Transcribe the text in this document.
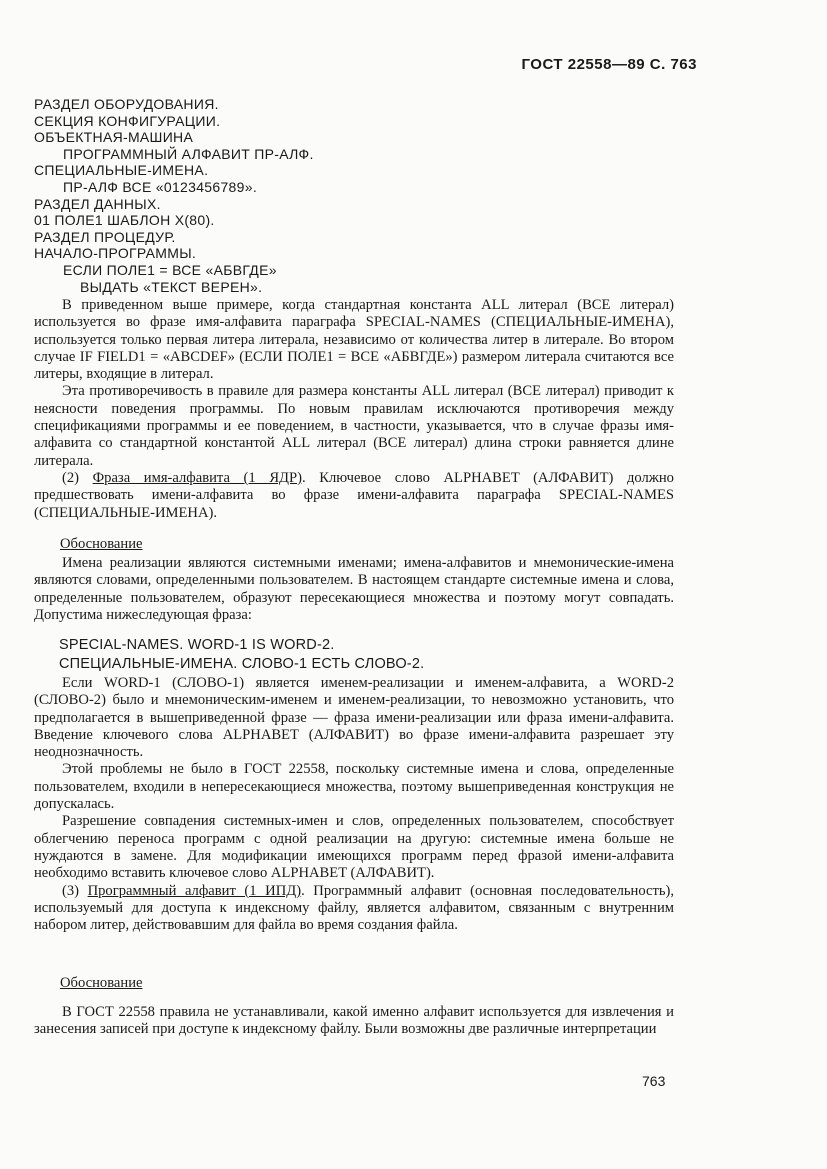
ГОСТ 22558—89 С. 763
РАЗДЕЛ ОБОРУДОВАНИЯ.
СЕКЦИЯ КОНФИГУРАЦИИ.
ОБЪЕКТНАЯ-МАШИНА
ПРОГРАММНЫЙ АЛФАВИТ ПР-АЛФ.
СПЕЦИАЛЬНЫЕ-ИМЕНА.
ПР-АЛФ ВСЕ «0123456789».
РАЗДЕЛ ДАННЫХ.
01 ПОЛЕ1 ШАБЛОН X(80).
РАЗДЕЛ ПРОЦЕДУР.
НАЧАЛО-ПРОГРАММЫ.
ЕСЛИ ПОЛЕ1 = ВСЕ «АБВГДЕ»
ВЫДАТЬ «ТЕКСТ ВЕРЕН».

В приведенном выше примере, когда стандартная константа ALL литерал (ВСЕ литерал) используется во фразе имя-алфавита параграфа SPECIAL-NAMES (СПЕЦИАЛЬНЫЕ-ИМЕНА), используется только первая литера литерала, независимо от количества литер в литерале. Во втором случае IF FIELD1 = «ABCDEF» (ЕСЛИ ПОЛЕ1 = ВСЕ «АБВГДЕ») размером литерала считаются все литеры, входящие в литерал.

Эта противоречивость в правиле для размера константы ALL литерал (ВСЕ литерал) приводит к неясности поведения программы. По новым правилам исключаются противоречия между спецификациями программы и ее поведением, в частности, указывается, что в случае фразы имя-алфавита со стандартной константой ALL литерал (ВСЕ литерал) длина строки равняется длине литерала.

(2) Фраза имя-алфавита (1 ЯДР). Ключевое слово ALPHABET (АЛФАВИТ) должно предшествовать имени-алфавита во фразе имени-алфавита параграфа SPECIAL-NAMES (СПЕЦИАЛЬНЫЕ-ИМЕНА).

Обоснование

Имена реализации являются системными именами; имена-алфавитов и мнемонические-имена являются словами, определенными пользователем. В настоящем стандарте системные имена и слова, определенные пользователем, образуют пересекающиеся множества и поэтому могут совпадать. Допустима нижеследующая фраза:

SPECIAL-NAMES. WORD-1 IS WORD-2.
СПЕЦИАЛЬНЫЕ-ИМЕНА. СЛОВО-1 ЕСТЬ СЛОВО-2.

Если WORD-1 (СЛОВО-1) является именем-реализации и именем-алфавита, а WORD-2 (СЛОВО-2) было и мнемоническим-именем и именем-реализации, то невозможно установить, что предполагается в вышеприведенной фразе — фраза имени-реализации или фраза имени-алфавита. Введение ключевого слова ALPHABET (АЛФАВИТ) во фразе имени-алфавита разрешает эту неоднозначность.

Этой проблемы не было в ГОСТ 22558, поскольку системные имена и слова, определенные пользователем, входили в непересекающиеся множества, поэтому вышеприведенная конструкция не допускалась.

Разрешение совпадения системных-имен и слов, определенных пользователем, способствует облегчению переноса программ с одной реализации на другую: системные имена больше не нуждаются в замене. Для модификации имеющихся программ перед фразой имени-алфавита необходимо вставить ключевое слово ALPHABET (АЛФАВИТ).

(3) Программный алфавит (1 ИПД). Программный алфавит (основная последовательность), используемый для доступа к индексному файлу, является алфавитом, связанным с внутренним набором литер, действовавшим для файла во время создания файла.

Обоснование

В ГОСТ 22558 правила не устанавливали, какой именно алфавит используется для извлечения и занесения записей при доступе к индексному файлу. Были возможны две различные интерпретации

763
